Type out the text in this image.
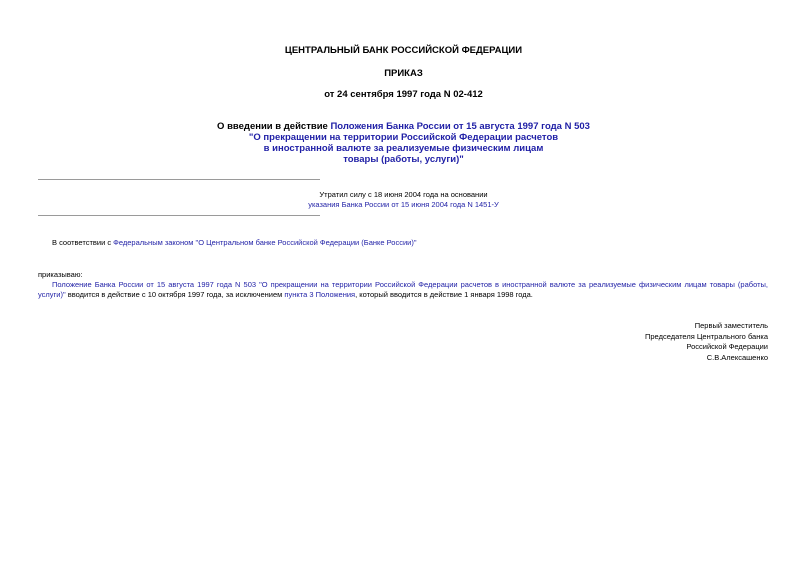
ЦЕНТРАЛЬНЫЙ БАНК РОССИЙСКОЙ ФЕДЕРАЦИИ
ПРИКАЗ
от 24 сентября 1997 года N 02-412
О введении в действие Положения Банка России от 15 августа 1997 года N 503
"О прекращении на территории Российской Федерации расчетов
в иностранной валюте за реализуемые физическим лицам
товары (работы, услуги)"
Утратил силу с 18 июня 2004 года на основании
указания Банка России от 15 июня 2004 года N 1451-У
В соответствии с Федеральным законом "О Центральном банке Российской Федерации (Банке России)"
приказываю:
Положение Банка России от 15 августа 1997 года N 503 "О прекращении на территории Российской Федерации расчетов в иностранной валюте за реализуемые физическим лицам товары (работы, услуги)" вводится в действие с 10 октября 1997 года, за исключением пункта 3 Положения, который вводится в действие 1 января 1998 года.
Первый заместитель
Председателя Центрального банка
Российской Федерации
С.В.Алексашенко
